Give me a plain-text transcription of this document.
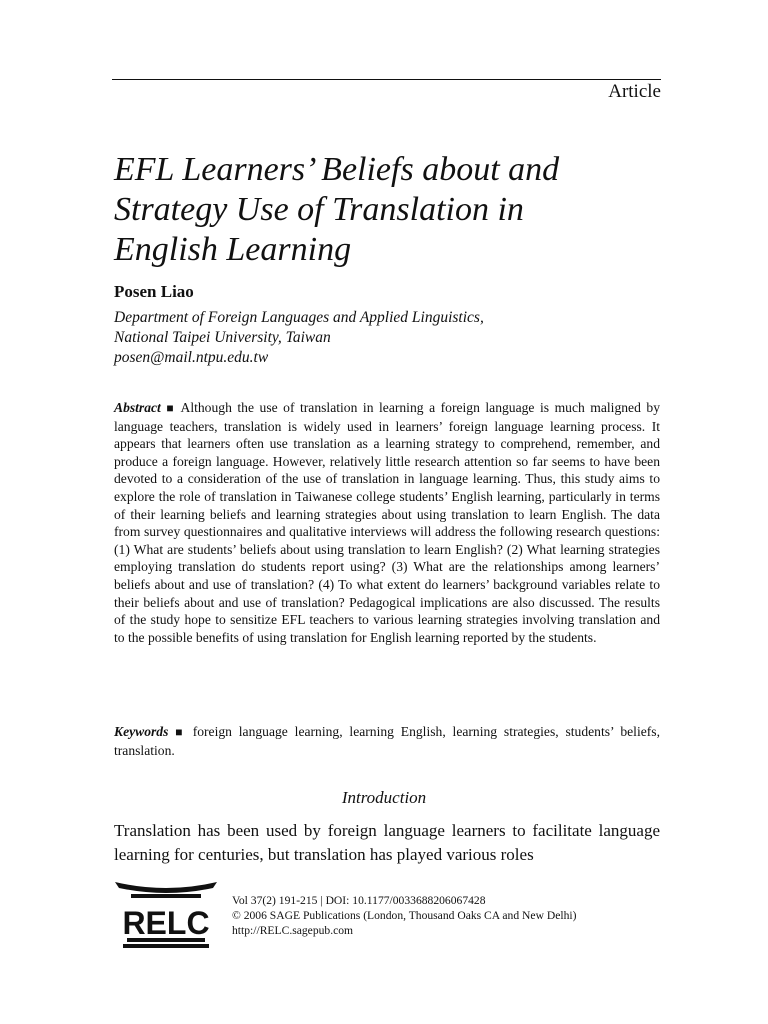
Article
EFL Learners’ Beliefs about and
Strategy Use of Translation in
English Learning
Posen Liao
Department of Foreign Languages and Applied Linguistics,
National Taipei University, Taiwan
posen@mail.ntpu.edu.tw
Abstract ■ Although the use of translation in learning a foreign language is much maligned by language teachers, translation is widely used in learners’ foreign language learning process. It appears that learners often use translation as a learning strategy to comprehend, remember, and produce a foreign language. However, relatively little research attention so far seems to have been devoted to a consideration of the use of translation in language learning. Thus, this study aims to explore the role of translation in Taiwanese college students’ English learning, particularly in terms of their learning beliefs and learning strategies about using translation to learn English. The data from survey questionnaires and qualitative interviews will address the following research questions: (1) What are students’ beliefs about using translation to learn English? (2) What learning strategies employing translation do students report using? (3) What are the relationships among learners’ beliefs about and use of translation? (4) To what extent do learners’ background variables relate to their beliefs about and use of translation? Pedagogical implications are also discussed. The results of the study hope to sensitize EFL teachers to various learning strategies involving translation and to the possible benefits of using translation for English learning reported by the students.
Keywords ■ foreign language learning, learning English, learning strategies, students’ beliefs, translation.
Introduction
Translation has been used by foreign language learners to facilitate language learning for centuries, but translation has played various roles
RELC
Vol 37(2) 191-215 | DOI: 10.1177/0033688206067428
© 2006 SAGE Publications (London, Thousand Oaks CA and New Delhi)
http://RELC.sagepub.com
